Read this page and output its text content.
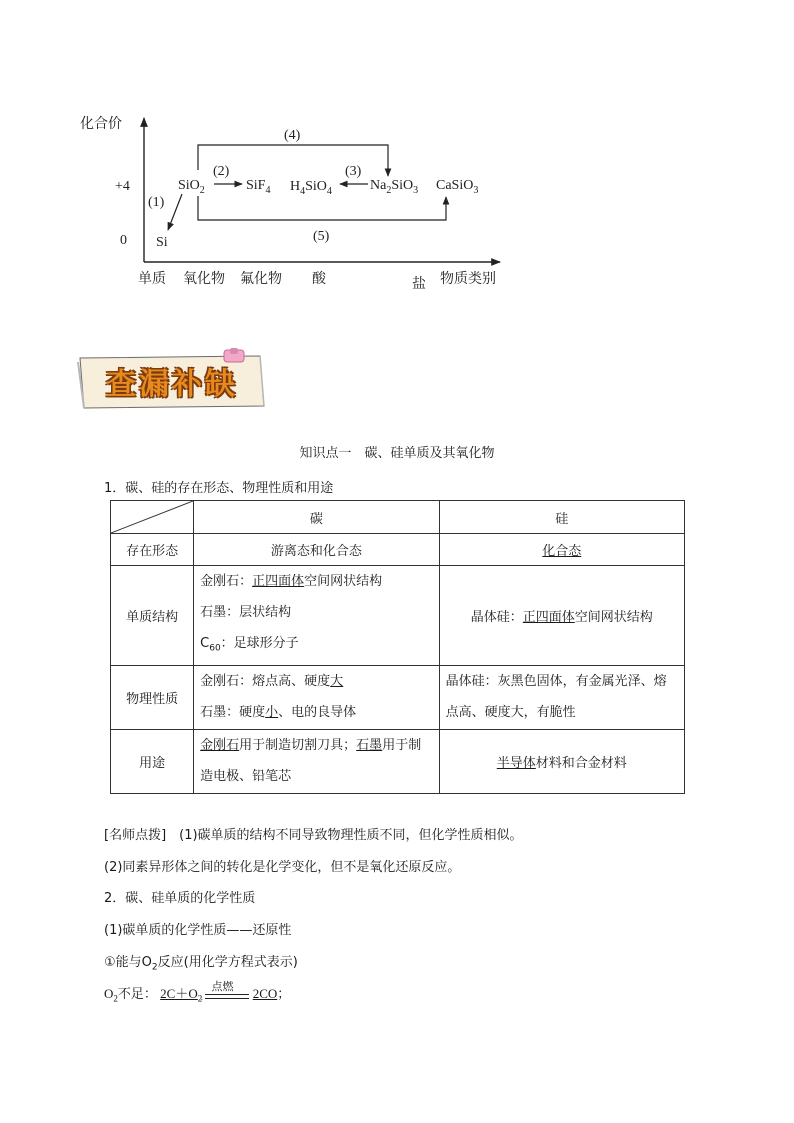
化合价
+4
0
单质 氧化物 氟化物 酸	盐 物质类别
Si
SiO$_2$	SiF$_4$ $H_4SiO_4$	$Na_2SiO_3$ CaSiO$_3$
(1)
(2)	(3)
(4)
(5)
查漏补缺
知识点一　碳、硅单质及其氧化物
1．碳、硅的存在形态、物理性质和用途
	碳	硅
存在形态	游离态和化合态	化合态
单质结构	金刚石：正四面体空间网状结构
石墨：层状结构
$C_{60}$：足球形分子	晶体硅：正四面体空间网状结构
物理性质	金刚石：熔点高、硬度大
石墨：硬度小、电的良导体	晶体硅：灰黑色固体，有金属光泽、熔
点高、硬度大，有脆性

用途	金刚石用于制造切割刀具；石墨用于制
造电极、铅笔芯	半导体材料和合金材料
[名师点拨]　(1)碳单质的结构不同导致物理性质不同，但化学性质相似。
(2)同素异形体之间的转化是化学变化，但不是氧化还原反应。
2．碳、硅单质的化学性质
(1)碳单质的化学性质——还原性
①能与$O_2$反应(用化学方程式表示)
$O_2$不足： $2C+O_2$
点燃 2CO；
